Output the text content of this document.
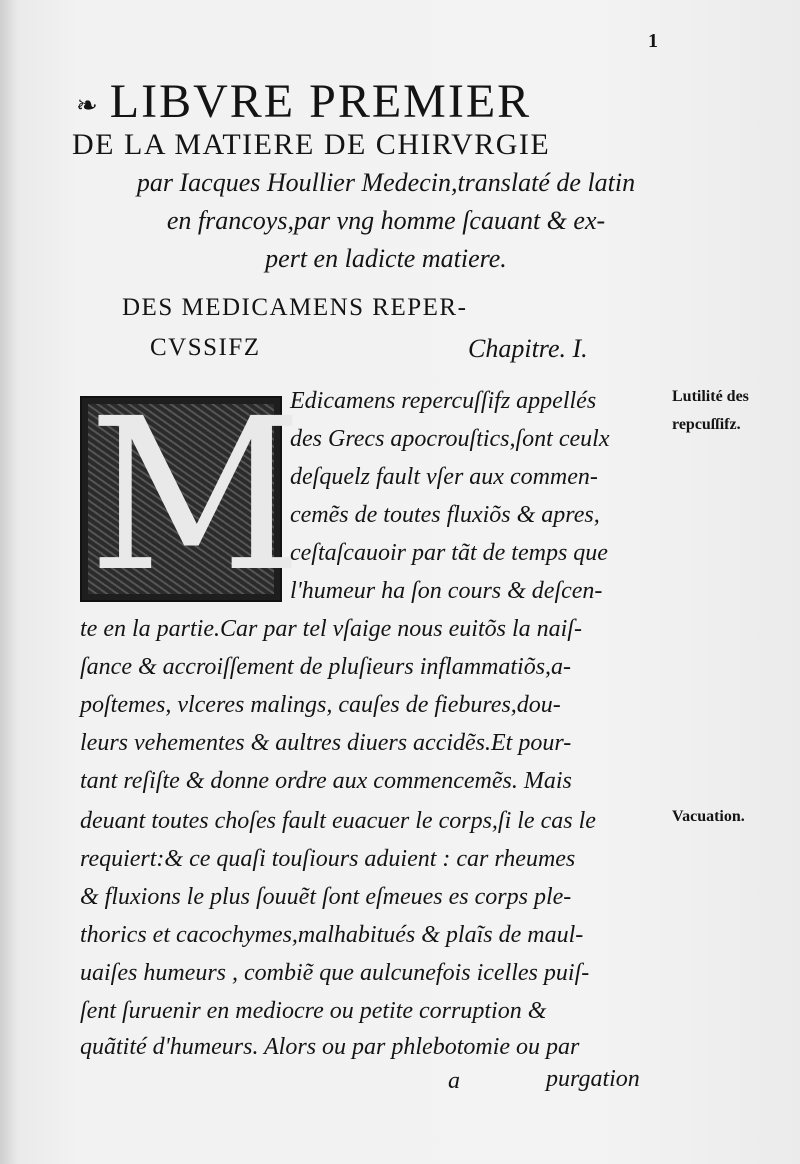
1
❧ LIBVRE PREMIER
DE LA MATIERE DE CHIRVRGIE
par Iacques Houllier Medecin,translaté de latin
en francoys,par vng homme ſcauant & ex-
pert en ladicte matiere.
DES MEDICAMENS REPER-
CVSSIFZ	Chapitre. I.
M
Edicamens repercuſſifz appellés
des Grecs apocrouſtics,ſont ceulx
deſquelz fault vſer aux commen-
cemẽs de toutes fluxiõs & apres,
ceſtaſcauoir par tãt de temps que
l'humeur ha ſon cours & deſcen-
te en la partie.Car par tel vſaige nous euitõs la naiſ-
ſance & accroiſſement de pluſieurs inflammatiõs,a-
poſtemes, vlceres malings, cauſes de fiebures,dou-
leurs vehementes & aultres diuers accidẽs.Et pour-
tant reſiſte & donne ordre aux commencemẽs. Mais
deuant toutes choſes fault euacuer le corps,ſi le cas le
requiert:& ce quaſi touſiours aduient : car rheumes
& fluxions le plus ſouuẽt ſont eſmeues es corps ple-
thorics et cacochymes,malhabitués & plaĩs de maul-
uaiſes humeurs , combiẽ que aulcunefois icelles puiſ-
ſent ſuruenir en mediocre ou petite corruption &
quãtité d'humeurs. Alors ou par phlebotomie ou par
Lutilité des
repcuſſifz.
Vacuation.
a	purgation
